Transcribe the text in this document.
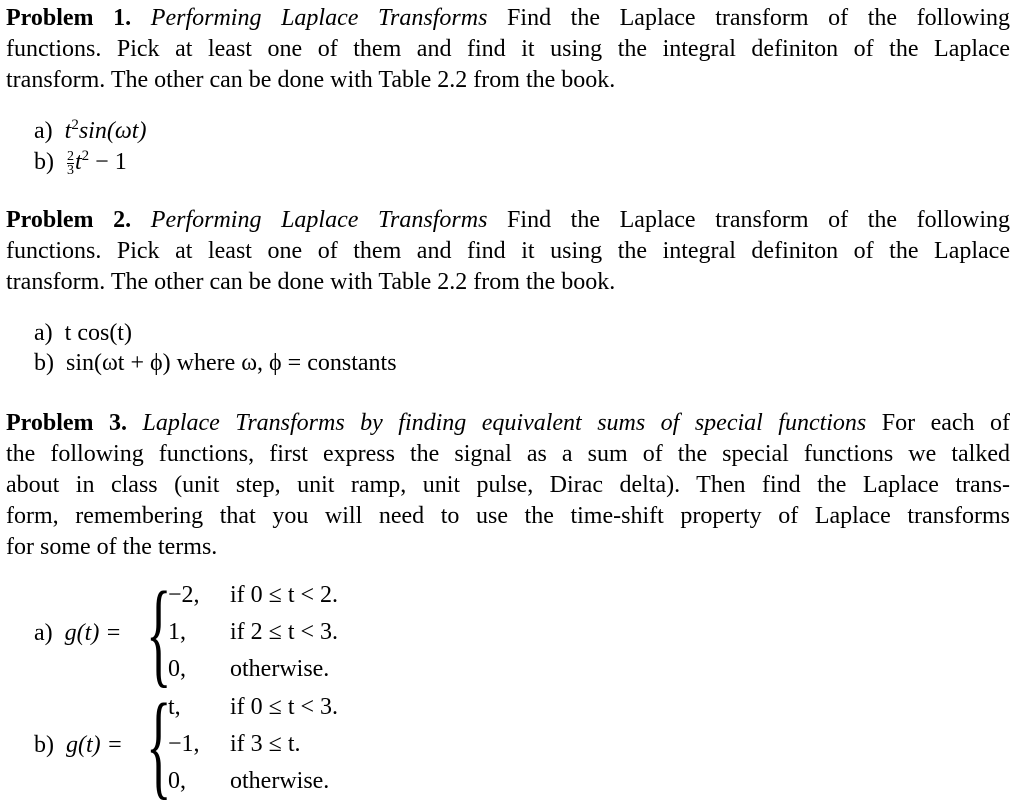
Problem 1. Performing Laplace Transforms Find the Laplace transform of the following
functions. Pick at least one of them and find it using the integral definiton of the Laplace
transform. The other can be done with Table 2.2 from the book.
a) $t^2\sin(\omega t)$
$b) \frac{2}{3} t^2 - 1$
Problem 2. Performing Laplace Transforms Find the Laplace transform of the following
functions. Pick at least one of them and find it using the integral definiton of the Laplace
transform. The other can be done with Table 2.2 from the book.
a) t cos(t)
b) sin(ωt + ϕ) where ω, ϕ = constants
Problem 3. Laplace Transforms by finding equivalent sums of special functions For each of
the following functions, first express the signal as a sum of the special functions we talked
about in class (unit step, unit ramp, unit pulse, Dirac delta). Then find the Laplace trans-
form, remembering that you will need to use the time-shift property of Laplace transforms
for some of the terms.
a) g(t) = {
−2, if 0 ≤ t < 2.
1, if 2 ≤ t < 3.
0, otherwise.
b) g(t) = {
t, if 0 ≤ t < 3.
−1, if 3 ≤ t.
0, otherwise.
